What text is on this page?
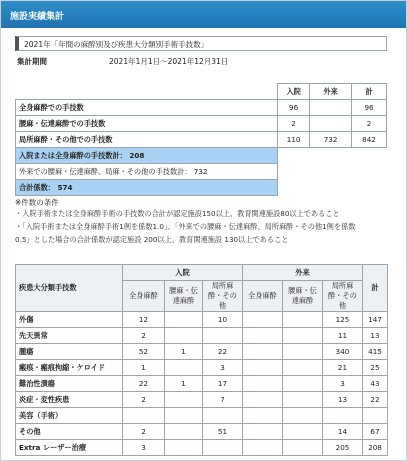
施設実績集計
2021年「年間の麻酔別及び疾患大分類別手術手技数」
集計期間	2021年1月1日〜2021年12月31日
	入院	外来	計
全身麻酔での手技数	96		96
腰麻・伝達麻酔での手技数	2		2
局所麻酔・その他での手技数	110	732	842
入院または全身麻酔の手技数計： 208			
外来での腰麻・伝達麻酔、局麻・その他の手技数計： 732			
合計係数： 574			
※件数の条件
・入院手術または全身麻酔手術の手技数の合計が認定施設150以上、教育関連施設80以上であること
・「入院手術または全身麻酔手術1例を係数1.0」、「外来での腰麻・伝達麻酔、局所麻酔・その他1例を係数
0.5」とした場合の合計係数が認定施設 200以上、教育関連施設 130以上であること
疾患大分類手技数	入院			外来			計
	全身麻酔	腰麻・伝達麻酔	局所麻酔・その他	全身麻酔	腰麻・伝達麻酔	局所麻酔・その他	
外傷	12		10			125	147
先天異常	2					11	13
腫瘍	52	1	22			340	415
瘢痕・瘢痕拘縮・ケロイド	1		3			21	25
難治性潰瘍	22	1	17			3	43
炎症・変性疾患	2		7			13	22
美容（手術）							
その他	2		51			14	67
Extra レーザー治療	3					205	208
